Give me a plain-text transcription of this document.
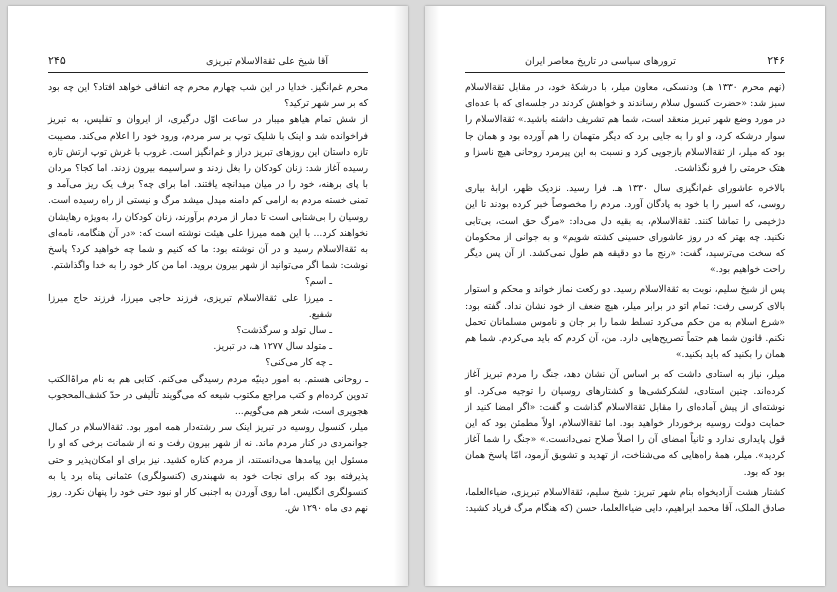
آقا شیخ علی ثقة‌الاسلام تبریزی
۲۴۵

محرم غم‌انگیز. خدایا در این شب چهارم محرم چه اتفاقی خواهد افتاد؟ این چه بود که بر سر شهر ترکید؟

از شش تمام هیاهو میبار در ساعت اوّل درگیری، از ایروان و تفلیس، به تبریز فراخوانده شد و اینک با شلیک توپ بر سر مردم، ورود خود را اعلام می‌کند. مصیبت تازه داستان این روزهای تبریز دراز و غم‌انگیز است. غروب با غرش توپ ارتش تازه رسیده آغاز شد: زنان کودکان را بغل زدند و سراسیمه بیرون زدند. اما کجا؟ مردان با پای برهنه، خود را در میان میدانچه یافتند. اما برای چه؟ برف یک ریز می‌آمد و تمنی خسته مردم به ارامی کم دامنه میدل میشد مرگ و نیستی از راه رسیده است. روسیان را بی‌شتابی است تا دمار از مردم برآورند، زنان کودکان را، به‌ویژه رهایشان نخواهند کرد... با این همه میرزا علی هیئت نوشته است که: «در آن هنگامه، نامه‌ای به ثقة‌الاسلام رسید و در آن نوشته بود: ما که کنیم و شما چه خواهید کرد؟ پاسخ نوشت: شما اگر می‌توانید از شهر بیرون بروید. اما من کار خود را به خدا واگذاشتم.

ـ اسم؟
ـ میرزا علی ثقة‌الاسلام تبریزی، فرزند حاجی میرزا، فرزند حاج میرزا شفیع.
ـ سال تولد و سرگذشت؟
ـ متولد سال ۱۲۷۷ هـ، در تبریز.
ـ چه کار می‌کنی؟

ـ روحانی هستم. به امور دینیّه مردم رسیدگی می‌کنم. کتابی هم به نام مراۃ‌الکتب تدوین کرده‌ام و کتب مراجع مکتوب شیعه که می‌گویند تألیفی در حدّ کشف‌المحجوب هجویری است، شعر هم می‌گویم...

میلر، کنسول روسیه در تبریز اینک سر رشته‌دار همه امور بود. ثقة‌الاسلام در کمال جوانمردی در کنار مردم ماند. نه از شهر بیرون رفت و نه از شماتت برخی که او را مسئول این پیامدها می‌دانستند، از مردم کناره کشید. نیز برای او امکان‌پذیر و حتی پذیرفته بود که برای نجات خود به شهبندری (کنسولگری) عثمانی پناه برد یا به کنسولگری انگلیس. اما روی آوردن به اجنبی کار او نبود حتی خود را پنهان نکرد. روز نهم دی ماه ۱۲۹۰ ش.

۲۴۶
ترورهای سیاسی در تاریخ معاصر ایران

(نهم محرم ۱۳۳۰ هـ) ودنسکی، معاون میلر، با درشکهٔ خود، در مقابل ثقة‌الاسلام سبز شد: «حضرت کنسول سلام رساندند و خواهش کردند در جلسه‌ای که با عده‌ای در مورد وضع شهر تبریز منعقد است، شما هم تشریف داشته باشید.» ثقة‌الاسلام را سوار درشکه کرد، و او را به جایی برد که دیگر متهمان را هم آورده بود و همان جا بود که میلر، از ثقة‌الاسلام بازجویی کرد و نسبت به این پیرمرد روحانی هیچ ناسزا و هتک حرمتی را فرو نگذاشت.

بالاخره عاشورای غم‌انگیزی سال ۱۳۳۰ هـ. فرا رسید. نزدیک ظهر، ارابهٔ بیاری روسی، که اسیر را با خود به پادگان آورد. مردم را مخصوصاً خبر کرده بودند تا این دژخیمی را تماشا کنند. ثقة‌الاسلام، به بقیه دل می‌داد: «مرگ حق است، بی‌تابی نکنید. چه بهتر که در روز عاشورای حسینی کشته شویم» و به جوانی از محکومان که سخت می‌ترسید، گفت: «رنج ما دو دقیقه هم طول نمی‌کشد. از آن پس دیگر راحت خواهیم بود.»

پس از شیخ سلیم، نوبت به ثقة‌الاسلام رسید. دو رکعت نماز خواند و محکم و استوار بالای کرسی رفت: تمام اتو در برابر میلر، هیچ ضعف از خود نشان نداد. گفته بود: «شرع اسلام به من حکم می‌کرد تسلط شما را بر جان و ناموس مسلمانان تحمل نکنم. قانون شما هم حتماً تصریح‌هایی دارد. من، آن کردم که باید می‌کردم. شما هم همان را بکنید که باید بکنید.»

میلر، نیاز به استادی داشت که بر اساس آن نشان دهد، جنگ را مردم تبریز آغاز کرده‌اند. چنین استادی، لشکرکشی‌ها و کشتارهای روسیان را توجیه می‌کرد. او نوشته‌ای از پیش آماده‌ای را مقابل ثقة‌الاسلام گذاشت و گفت: «اگر امضا کنید از حمایت دولت روسیه برخوردار خواهید بود. اما ثقة‌الاسلام، اولاً مطمئن بود که این قول پایداری ندارد و ثانیاً امضای آن را اصلاً صلاح نمی‌دانست.» «جنگ را شما آغاز کردید». میلر، همهٔ راه‌هایی که می‌شناخت، از تهدید و تشویق آزمود، امّا پاسخ همان بود که بود.

کشتار هشت آزادیخواه بنام شهر تبریز: شیخ سلیم، ثقة‌الاسلام تبریزی، ضیاءالعلما، صادق الملک، آقا محمد ابراهیم، دایی ضیاءالعلما، حسن (که هنگام مرگ فریاد کشید:
